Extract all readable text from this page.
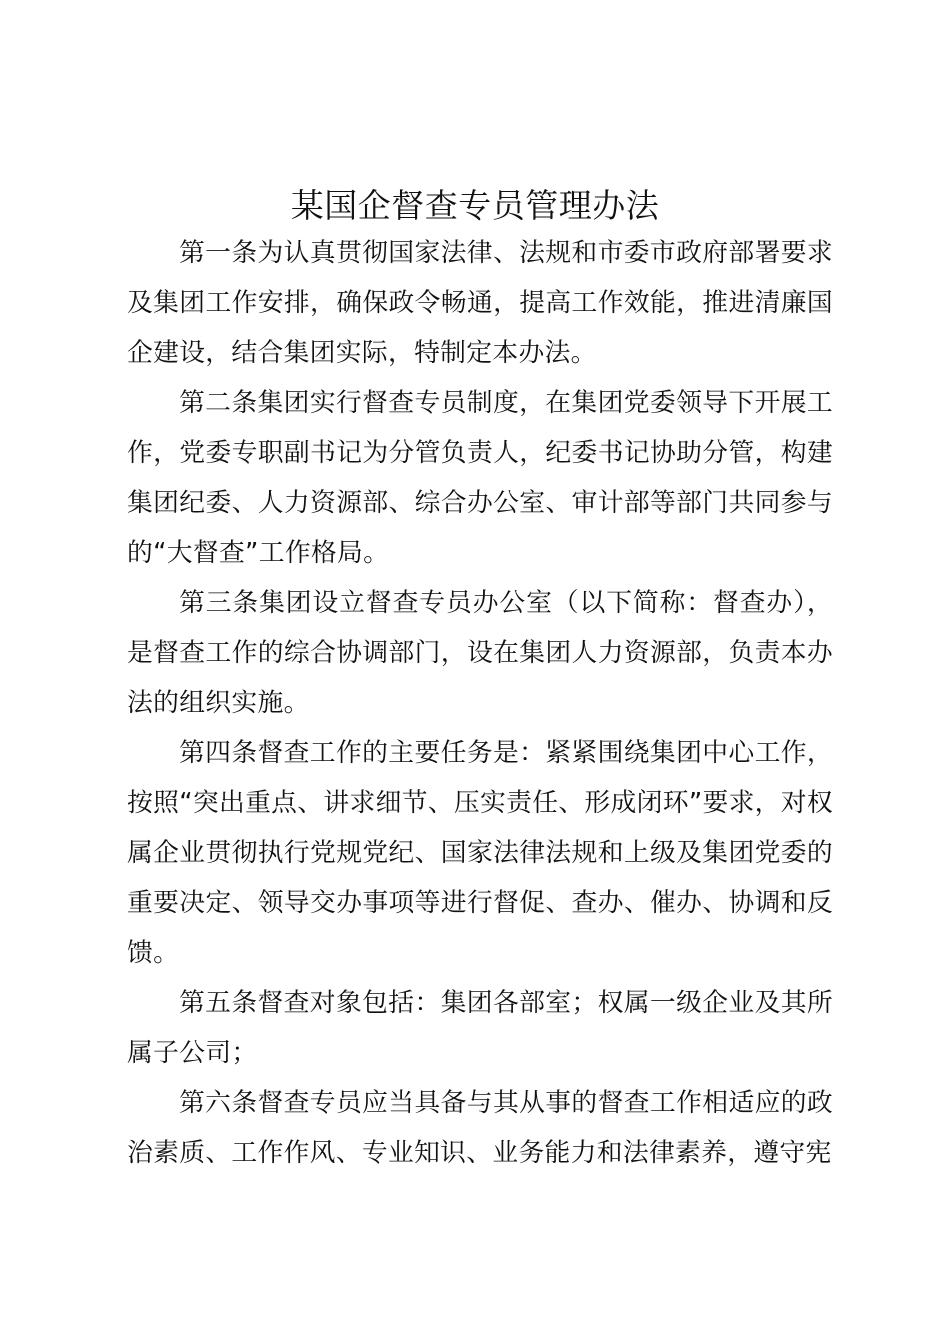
某国企督查专员管理办法

第一条为认真贯彻国家法律、法规和市委市政府部署要求及集团工作安排，确保政令畅通，提高工作效能，推进清廉国企建设，结合集团实际，特制定本办法。

第二条集团实行督查专员制度，在集团党委领导下开展工作，党委专职副书记为分管负责人，纪委书记协助分管，构建集团纪委、人力资源部、综合办公室、审计部等部门共同参与的“大督查”工作格局。

第三条集团设立督查专员办公室（以下简称：督查办），是督查工作的综合协调部门，设在集团人力资源部，负责本办法的组织实施。

第四条督查工作的主要任务是：紧紧围绕集团中心工作，按照“突出重点、讲求细节、压实责任、形成闭环”要求，对权属企业贯彻执行党规党纪、国家法律法规和上级及集团党委的重要决定、领导交办事项等进行督促、查办、催办、协调和反馈。

第五条督查对象包括：集团各部室；权属一级企业及其所属子公司；

第六条督查专员应当具备与其从事的督查工作相适应的政治素质、工作作风、专业知识、业务能力和法律素养，遵守宪
